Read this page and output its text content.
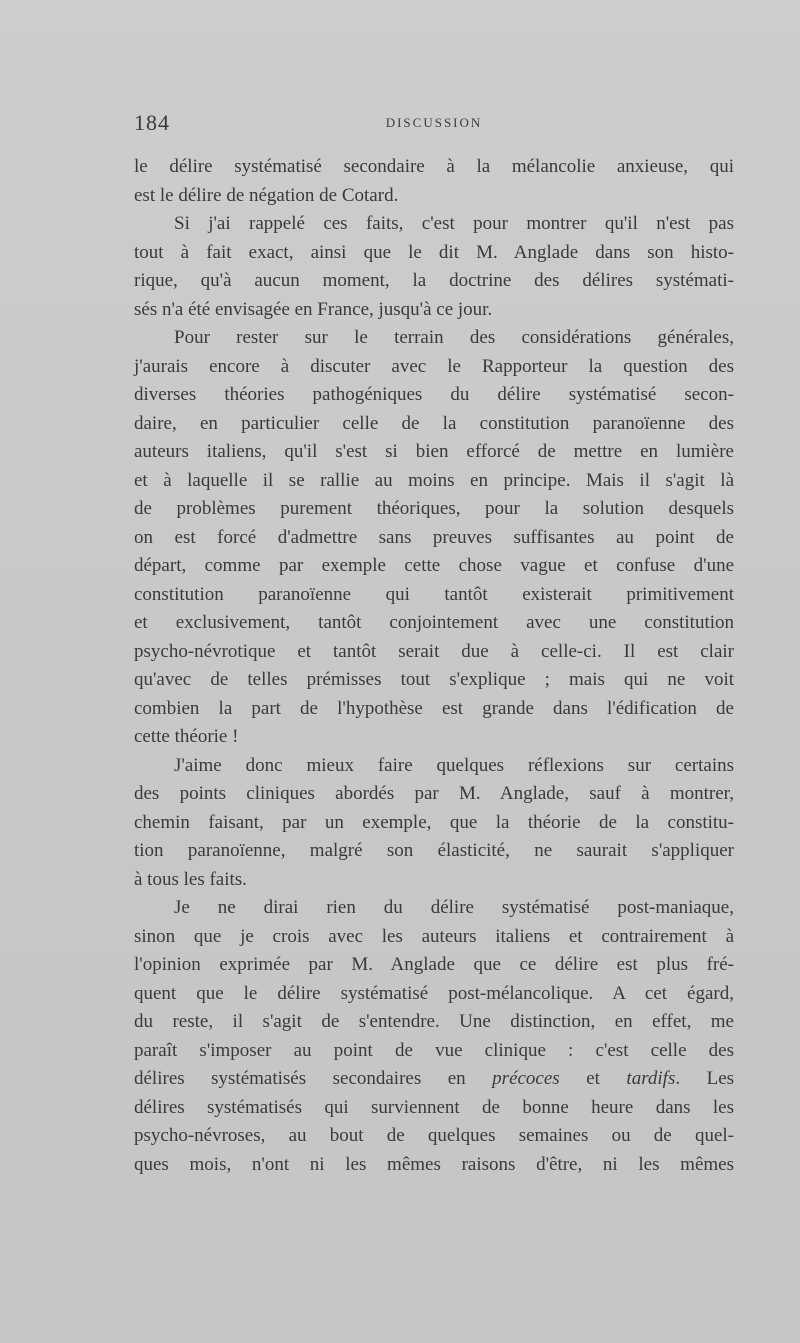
184	DISCUSSION
le délire systématisé secondaire à la mélancolie anxieuse, qui
est le délire de négation de Cotard.
Si j'ai rappelé ces faits, c'est pour montrer qu'il n'est pas
tout à fait exact, ainsi que le dit M. Anglade dans son histo-
rique, qu'à aucun moment, la doctrine des délires systémati-
sés n'a été envisagée en France, jusqu'à ce jour.
Pour rester sur le terrain des considérations générales,
j'aurais encore à discuter avec le Rapporteur la question des
diverses théories pathogéniques du délire systématisé secon-
daire, en particulier celle de la constitution paranoïenne des
auteurs italiens, qu'il s'est si bien efforcé de mettre en lumière
et à laquelle il se rallie au moins en principe. Mais il s'agit là
de problèmes purement théoriques, pour la solution desquels
on est forcé d'admettre sans preuves suffisantes au point de
départ, comme par exemple cette chose vague et confuse d'une
constitution paranoïenne qui tantôt existerait primitivement
et exclusivement, tantôt conjointement avec une constitution
psycho-névrotique et tantôt serait due à celle-ci. Il est clair
qu'avec de telles prémisses tout s'explique ; mais qui ne voit
combien la part de l'hypothèse est grande dans l'édification de
cette théorie !
J'aime donc mieux faire quelques réflexions sur certains
des points cliniques abordés par M. Anglade, sauf à montrer,
chemin faisant, par un exemple, que la théorie de la constitu-
tion paranoïenne, malgré son élasticité, ne saurait s'appliquer
à tous les faits.
Je ne dirai rien du délire systématisé post-maniaque,
sinon que je crois avec les auteurs italiens et contrairement à
l'opinion exprimée par M. Anglade que ce délire est plus fré-
quent que le délire systématisé post-mélancolique. A cet égard,
du reste, il s'agit de s'entendre. Une distinction, en effet, me
paraît s'imposer au point de vue clinique : c'est celle des
délires systématisés secondaires en précoces et tardifs. Les
délires systématisés qui surviennent de bonne heure dans les
psycho-névroses, au bout de quelques semaines ou de quel-
ques mois, n'ont ni les mêmes raisons d'être, ni les mêmes
